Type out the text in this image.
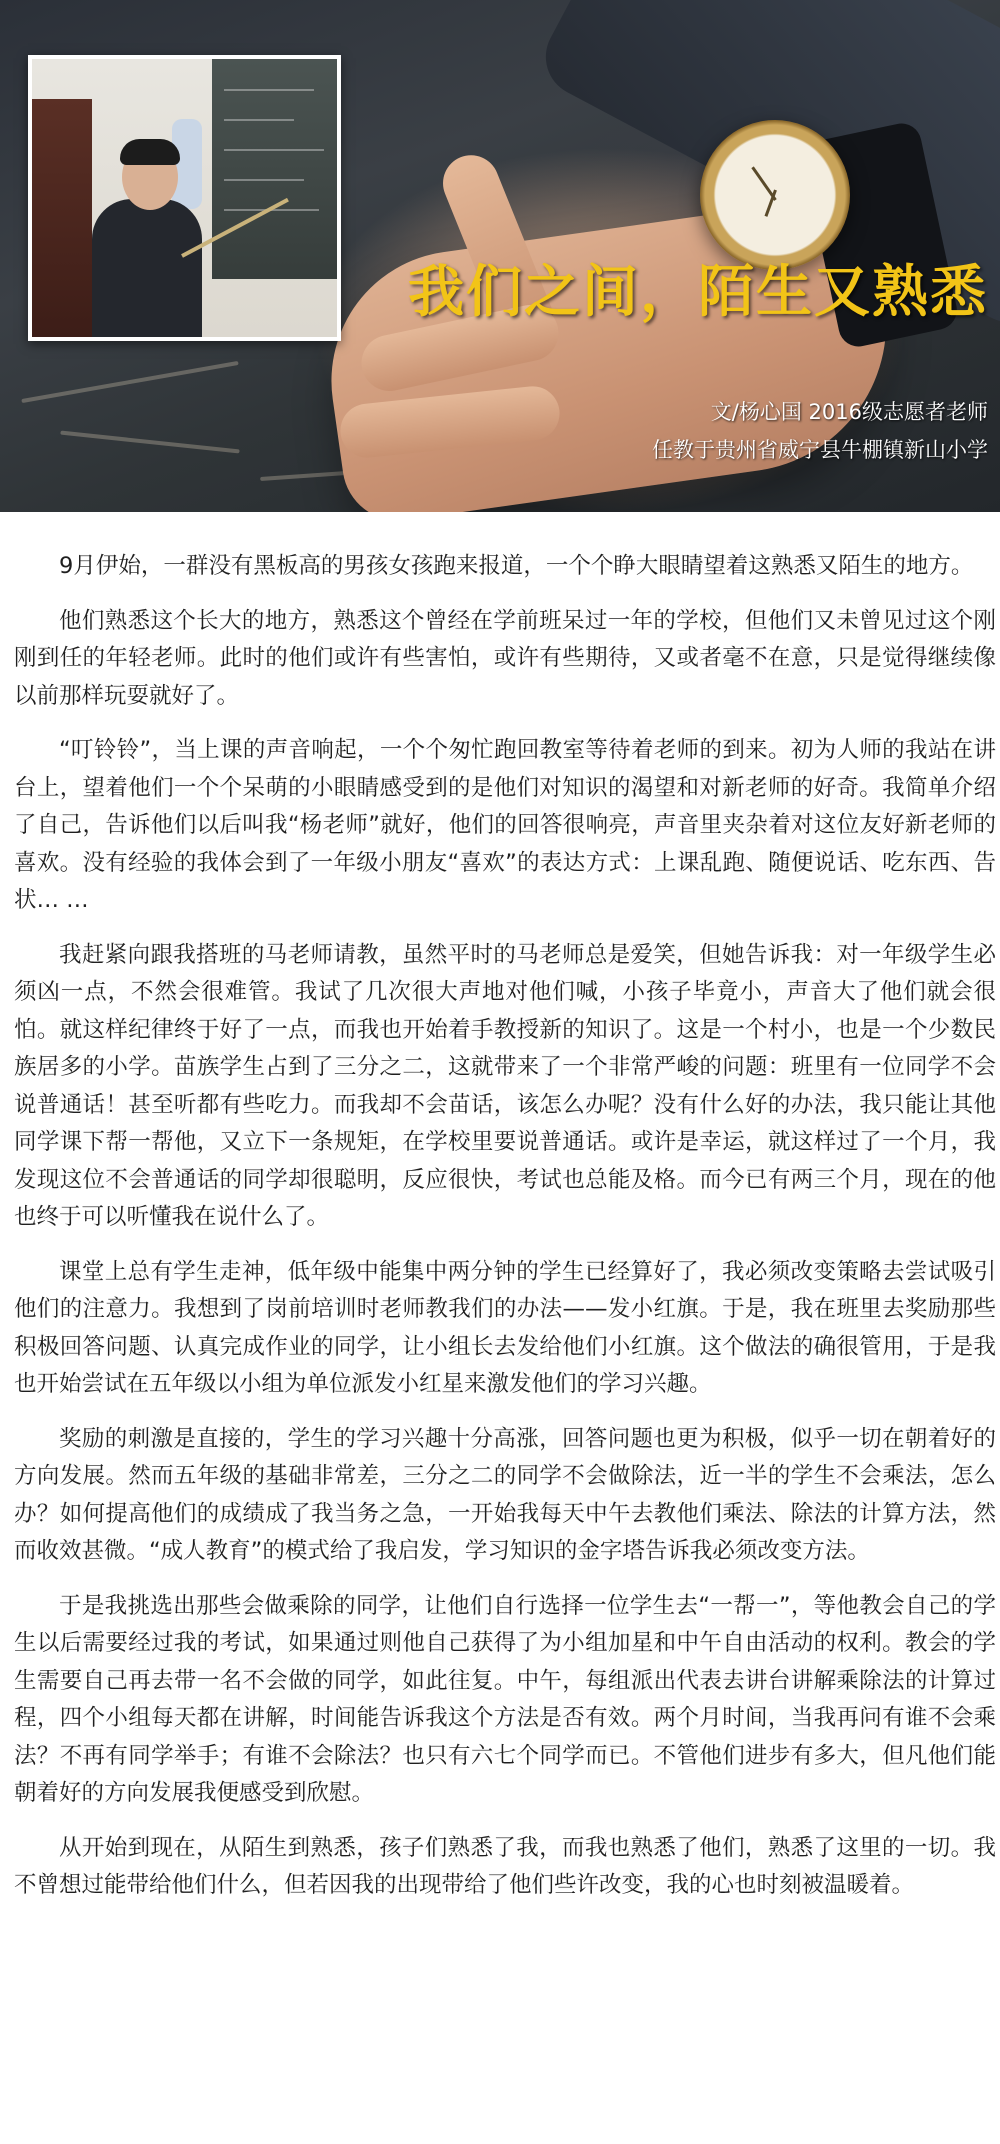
我们之间，陌生又熟悉
文/杨心国 2016级志愿者老师
任教于贵州省威宁县牛棚镇新山小学

9月伊始，一群没有黑板高的男孩女孩跑来报道，一个个睁大眼睛望着这熟悉又陌生的地方。

他们熟悉这个长大的地方，熟悉这个曾经在学前班呆过一年的学校，但他们又未曾见过这个刚刚到任的年轻老师。此时的他们或许有些害怕，或许有些期待，又或者毫不在意，只是觉得继续像以前那样玩耍就好了。

“叮铃铃”，当上课的声音响起，一个个匆忙跑回教室等待着老师的到来。初为人师的我站在讲台上，望着他们一个个呆萌的小眼睛感受到的是他们对知识的渴望和对新老师的好奇。我简单介绍了自己，告诉他们以后叫我“杨老师”就好，他们的回答很响亮，声音里夹杂着对这位友好新老师的喜欢。没有经验的我体会到了一年级小朋友“喜欢”的表达方式：上课乱跑、随便说话、吃东西、告状… …

我赶紧向跟我搭班的马老师请教，虽然平时的马老师总是爱笑，但她告诉我：对一年级学生必须凶一点，不然会很难管。我试了几次很大声地对他们喊，小孩子毕竟小，声音大了他们就会很怕。就这样纪律终于好了一点，而我也开始着手教授新的知识了。这是一个村小，也是一个少数民族居多的小学。苗族学生占到了三分之二，这就带来了一个非常严峻的问题：班里有一位同学不会说普通话！甚至听都有些吃力。而我却不会苗话，该怎么办呢？没有什么好的办法，我只能让其他同学课下帮一帮他，又立下一条规矩，在学校里要说普通话。或许是幸运，就这样过了一个月，我发现这位不会普通话的同学却很聪明，反应很快，考试也总能及格。而今已有两三个月，现在的他也终于可以听懂我在说什么了。

课堂上总有学生走神，低年级中能集中两分钟的学生已经算好了，我必须改变策略去尝试吸引他们的注意力。我想到了岗前培训时老师教我们的办法——发小红旗。于是，我在班里去奖励那些积极回答问题、认真完成作业的同学，让小组长去发给他们小红旗。这个做法的确很管用，于是我也开始尝试在五年级以小组为单位派发小红星来激发他们的学习兴趣。

奖励的刺激是直接的，学生的学习兴趣十分高涨，回答问题也更为积极，似乎一切在朝着好的方向发展。然而五年级的基础非常差，三分之二的同学不会做除法，近一半的学生不会乘法，怎么办？如何提高他们的成绩成了我当务之急，一开始我每天中午去教他们乘法、除法的计算方法，然而收效甚微。“成人教育”的模式给了我启发，学习知识的金字塔告诉我必须改变方法。

于是我挑选出那些会做乘除的同学，让他们自行选择一位学生去“一帮一”，等他教会自己的学生以后需要经过我的考试，如果通过则他自己获得了为小组加星和中午自由活动的权利。教会的学生需要自己再去带一名不会做的同学，如此往复。中午，每组派出代表去讲台讲解乘除法的计算过程，四个小组每天都在讲解，时间能告诉我这个方法是否有效。两个月时间，当我再问有谁不会乘法？不再有同学举手；有谁不会除法？也只有六七个同学而已。不管他们进步有多大，但凡他们能朝着好的方向发展我便感受到欣慰。

从开始到现在，从陌生到熟悉，孩子们熟悉了我，而我也熟悉了他们，熟悉了这里的一切。我不曾想过能带给他们什么，但若因我的出现带给了他们些许改变，我的心也时刻被温暖着。
